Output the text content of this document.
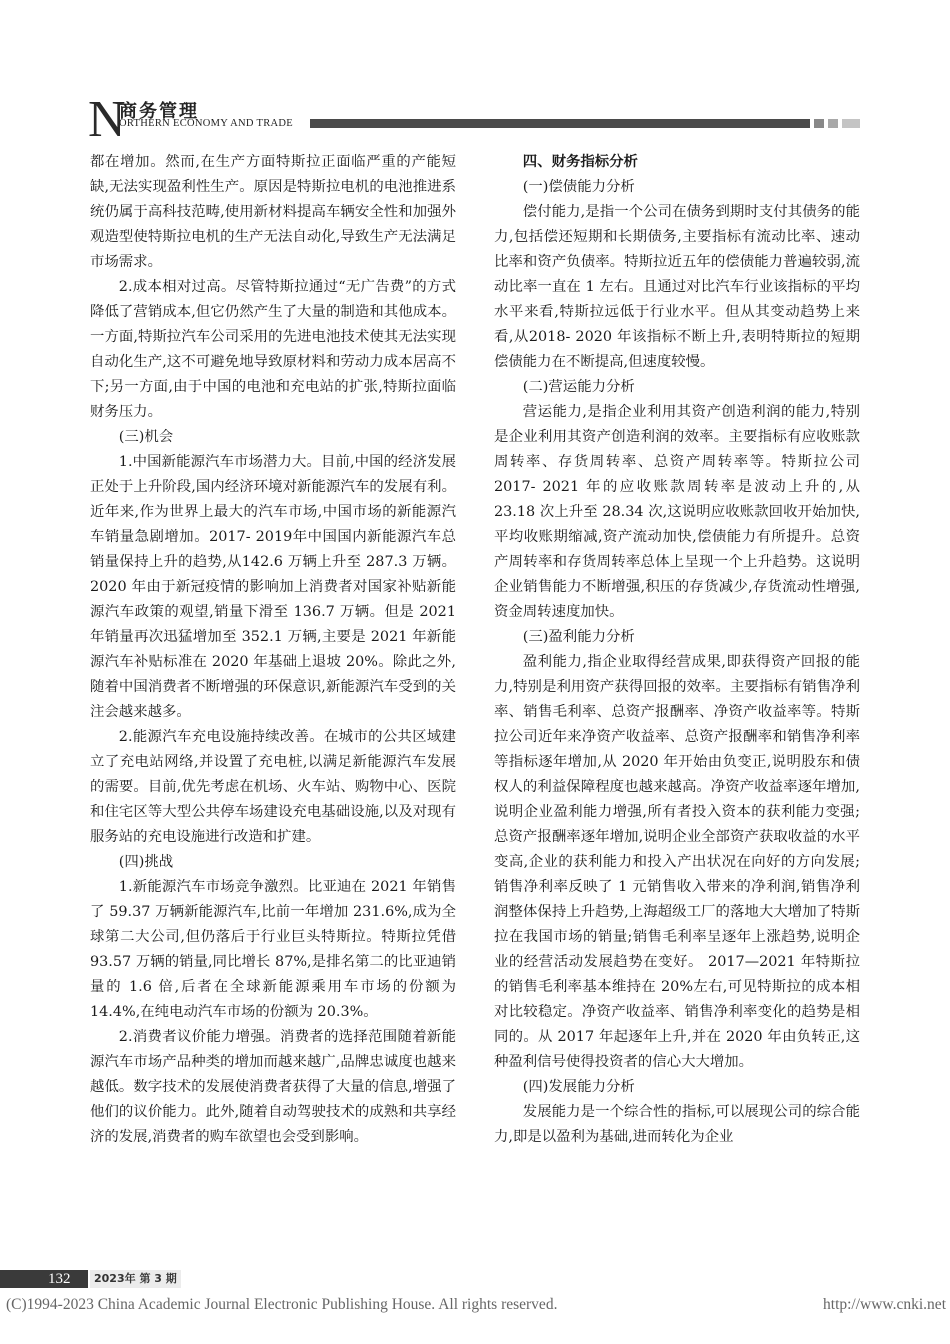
N
商务管理
ORTHERN ECONOMY AND TRADE

都在增加。然而,在生产方面特斯拉正面临严重的产能短缺,无法实现盈利性生产。原因是特斯拉电机的电池推进系统仍属于高科技范畴,使用新材料提高车辆安全性和加强外观造型使特斯拉电机的生产无法自动化,导致生产无法满足市场需求。

2.成本相对过高。尽管特斯拉通过“无广告费”的方式降低了营销成本,但它仍然产生了大量的制造和其他成本。一方面,特斯拉汽车公司采用的先进电池技术使其无法实现自动化生产,这不可避免地导致原材料和劳动力成本居高不下;另一方面,由于中国的电池和充电站的扩张,特斯拉面临财务压力。

(三)机会

1.中国新能源汽车市场潜力大。目前,中国的经济发展正处于上升阶段,国内经济环境对新能源汽车的发展有利。近年来,作为世界上最大的汽车市场,中国市场的新能源汽车销量急剧增加。2017- 2019年中国国内新能源汽车总销量保持上升的趋势,从142.6 万辆上升至 287.3 万辆。2020 年由于新冠疫情的影响加上消费者对国家补贴新能源汽车政策的观望,销量下滑至 136.7 万辆。但是 2021 年销量再次迅猛增加至 352.1 万辆,主要是 2021 年新能源汽车补贴标准在 2020 年基础上退坡 20%。除此之外,随着中国消费者不断增强的环保意识,新能源汽车受到的关注会越来越多。

2.能源汽车充电设施持续改善。在城市的公共区域建立了充电站网络,并设置了充电桩,以满足新能源汽车发展的需要。目前,优先考虑在机场、火车站、购物中心、医院和住宅区等大型公共停车场建设充电基础设施,以及对现有服务站的充电设施进行改造和扩建。

(四)挑战

1.新能源汽车市场竞争激烈。比亚迪在 2021 年销售了 59.37 万辆新能源汽车,比前一年增加 231.6%,成为全球第二大公司,但仍落后于行业巨头特斯拉。特斯拉凭借 93.57 万辆的销量,同比增长 87%,是排名第二的比亚迪销量的 1.6 倍,后者在全球新能源乘用车市场的份额为 14.4%,在纯电动汽车市场的份额为 20.3%。

2.消费者议价能力增强。消费者的选择范围随着新能源汽车市场产品种类的增加而越来越广,品牌忠诚度也越来越低。数字技术的发展使消费者获得了大量的信息,增强了他们的议价能力。此外,随着自动驾驶技术的成熟和共享经济的发展,消费者的购车欲望也会受到影响。

四、财务指标分析

(一)偿债能力分析

偿付能力,是指一个公司在债务到期时支付其债务的能力,包括偿还短期和长期债务,主要指标有流动比率、速动比率和资产负债率。特斯拉近五年的偿债能力普遍较弱,流动比率一直在 1 左右。且通过对比汽车行业该指标的平均水平来看,特斯拉远低于行业水平。但从其变动趋势上来看,从2018- 2020 年该指标不断上升,表明特斯拉的短期偿债能力在不断提高,但速度较慢。

(二)营运能力分析

营运能力,是指企业利用其资产创造利润的能力,特别是企业利用其资产创造利润的效率。主要指标有应收账款周转率、存货周转率、总资产周转率等。特斯拉公司 2017- 2021 年的应收账款周转率是波动上升的,从 23.18 次上升至 28.34 次,这说明应收账款回收开始加快,平均收账期缩减,资产流动加快,偿债能力有所提升。总资产周转率和存货周转率总体上呈现一个上升趋势。这说明企业销售能力不断增强,积压的存货减少,存货流动性增强,资金周转速度加快。

(三)盈利能力分析

盈利能力,指企业取得经营成果,即获得资产回报的能力,特别是利用资产获得回报的效率。主要指标有销售净利率、销售毛利率、总资产报酬率、净资产收益率等。特斯拉公司近年来净资产收益率、总资产报酬率和销售净利率等指标逐年增加,从 2020 年开始由负变正,说明股东和债权人的利益保障程度也越来越高。净资产收益率逐年增加,说明企业盈利能力增强,所有者投入资本的获利能力变强;总资产报酬率逐年增加,说明企业全部资产获取收益的水平变高,企业的获利能力和投入产出状况在向好的方向发展;销售净利率反映了 1 元销售收入带来的净利润,销售净利润整体保持上升趋势,上海超级工厂的落地大大增加了特斯拉在我国市场的销量;销售毛利率呈逐年上涨趋势,说明企业的经营活动发展趋势在变好。 2017—2021 年特斯拉的销售毛利率基本维持在 20%左右,可见特斯拉的成本相对比较稳定。净资产收益率、销售净利率变化的趋势是相同的。从 2017 年起逐年上升,并在 2020 年由负转正,这种盈利信号使得投资者的信心大大增加。

(四)发展能力分析

发展能力是一个综合性的指标,可以展现公司的综合能力,即是以盈利为基础,进而转化为企业

132	2023年 第 3 期
(C)1994-2023 China Academic Journal Electronic Publishing House. All rights reserved.	http://www.cnki.net
